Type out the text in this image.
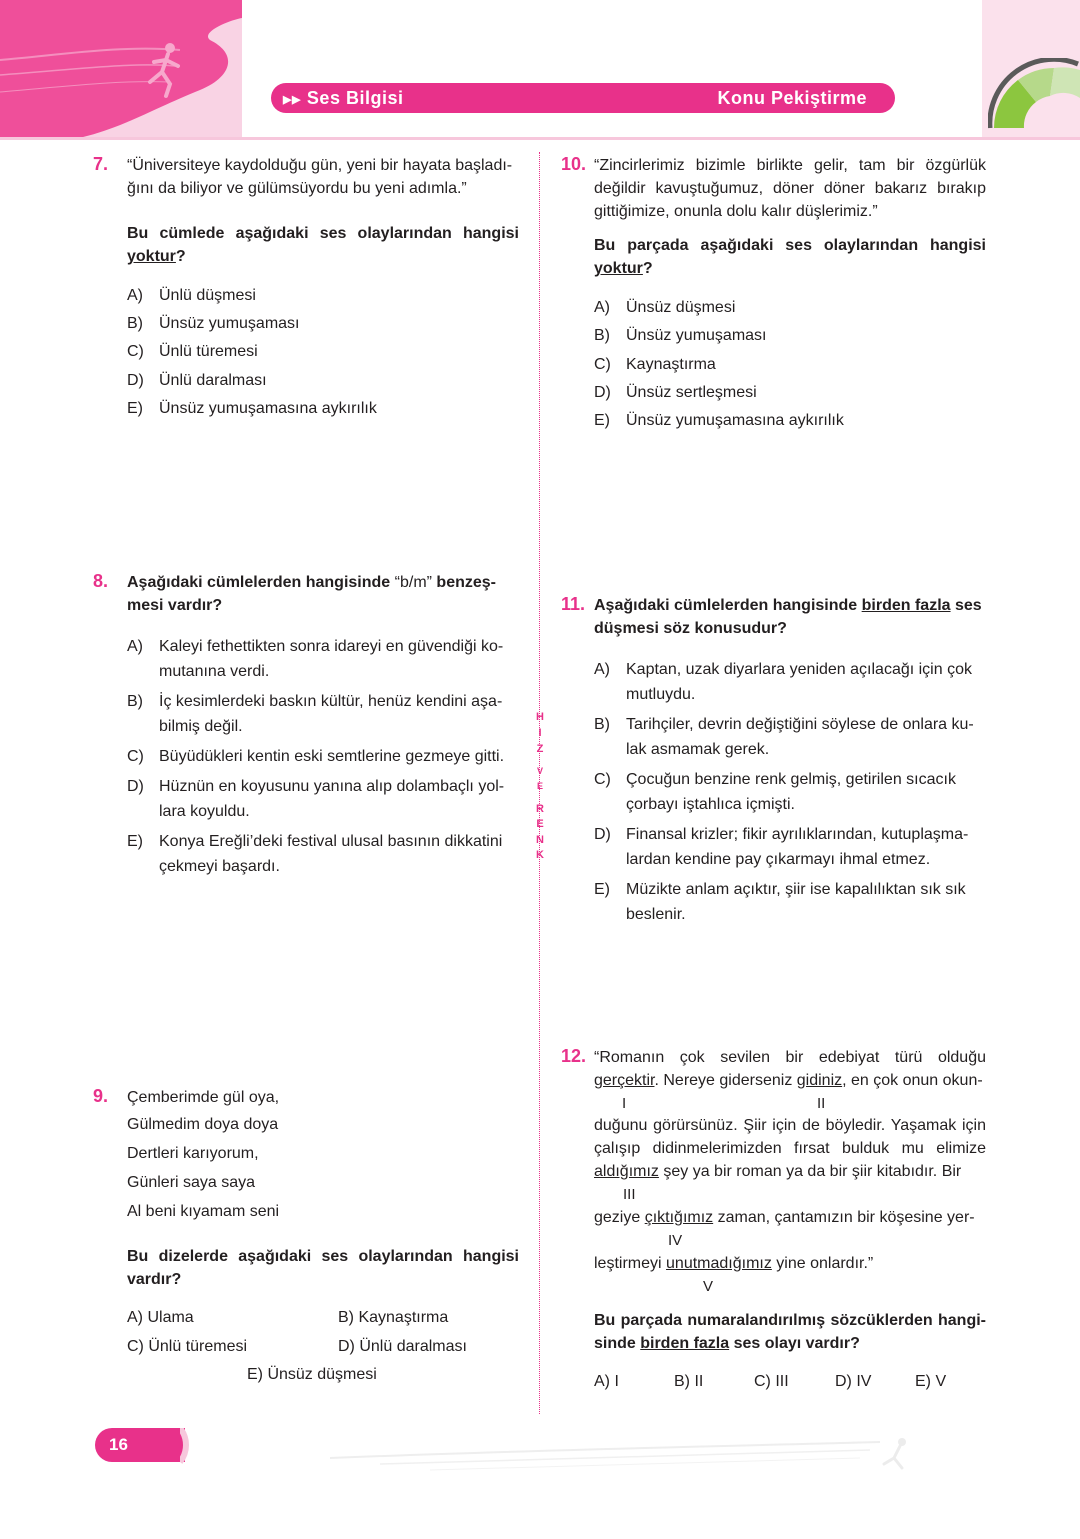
▶▶ Ses Bilgisi	Konu Pekiştirme
H
I
Z
V
E
R
E
N
K
7. “Üniversiteye kaydolduğu gün, yeni bir hayata başladı-
ğını da biliyor ve gülümsüyordu bu yeni adımla.”
Bu cümlede aşağıdaki ses olaylarından hangisi
yoktur?
A) Ünlü düşmesi
B) Ünsüz yumuşaması
C) Ünlü türemesi
D) Ünlü daralması
E) Ünsüz yumuşamasına aykırılık
8. Aşağıdaki cümlelerden hangisinde “b/m” benzeş-
mesi vardır?
A) Kaleyi fethettikten sonra idareyi en güvendiği ko-
mutanına verdi.
B) İç kesimlerdeki baskın kültür, henüz kendini aşa-
bilmiş değil.
C) Büyüdükleri kentin eski semtlerine gezmeye gitti.
D) Hüznün en koyusunu yanına alıp dolambaçlı yol-
lara koyuldu.
E) Konya Ereğli’deki festival ulusal basının dikkatini
çekmeyi başardı.
9. Çemberimde gül oya,
Gülmedim doya doya
Dertleri karıyorum,
Günleri saya saya
Al beni kıyamam seni
Bu dizelerde aşağıdaki ses olaylarından hangisi
vardır?
A) Ulama	B) Kaynaştırma
C) Ünlü türemesi	D) Ünlü daralması
E) Ünsüz düşmesi
10. “Zincirlerimiz bizimle birlikte gelir, tam bir özgürlük
değildir kavuştuğumuz, döner döner bakarız bırakıp
gittiğimize, onunla dolu kalır düşlerimiz.”
Bu parçada aşağıdaki ses olaylarından hangisi
yoktur?
A) Ünsüz düşmesi
B) Ünsüz yumuşaması
C) Kaynaştırma
D) Ünsüz sertleşmesi
E) Ünsüz yumuşamasına aykırılık
11. Aşağıdaki cümlelerden hangisinde birden fazla ses
düşmesi söz konusudur?
A) Kaptan, uzak diyarlara yeniden açılacağı için çok
mutluydu.
B) Tarihçiler, devrin değiştiğini söylese de onlara ku-
lak asmamak gerek.
C) Çocuğun benzine renk gelmiş, getirilen sıcacık
çorbayı iştahlıca içmişti.
D) Finansal krizler; fikir ayrılıklarından, kutuplaşma-
lardan kendine pay çıkarmayı ihmal etmez.
E) Müzikte anlam açıktır, şiir ise kapalılıktan sık sık
beslenir.
12. “Romanın çok sevilen bir edebiyat türü olduğu
gerçektir. Nereye giderseniz gidiniz, en çok onun okun-
I	II
duğunu görürsünüz. Şiir için de böyledir. Yaşamak için
çalışıp didinmelerimizden fırsat bulduk mu elimize
aldığımız şey ya bir roman ya da bir şiir kitabıdır. Bir
III
geziye çıktığımız zaman, çantamızın bir köşesine yer-
IV
leştirmeyi unutmadığımız yine onlardır.”
V
Bu parçada numaralandırılmış sözcüklerden hangi-
sinde birden fazla ses olayı vardır?
A) I	B) II	C) III	D) IV	E) V
16
